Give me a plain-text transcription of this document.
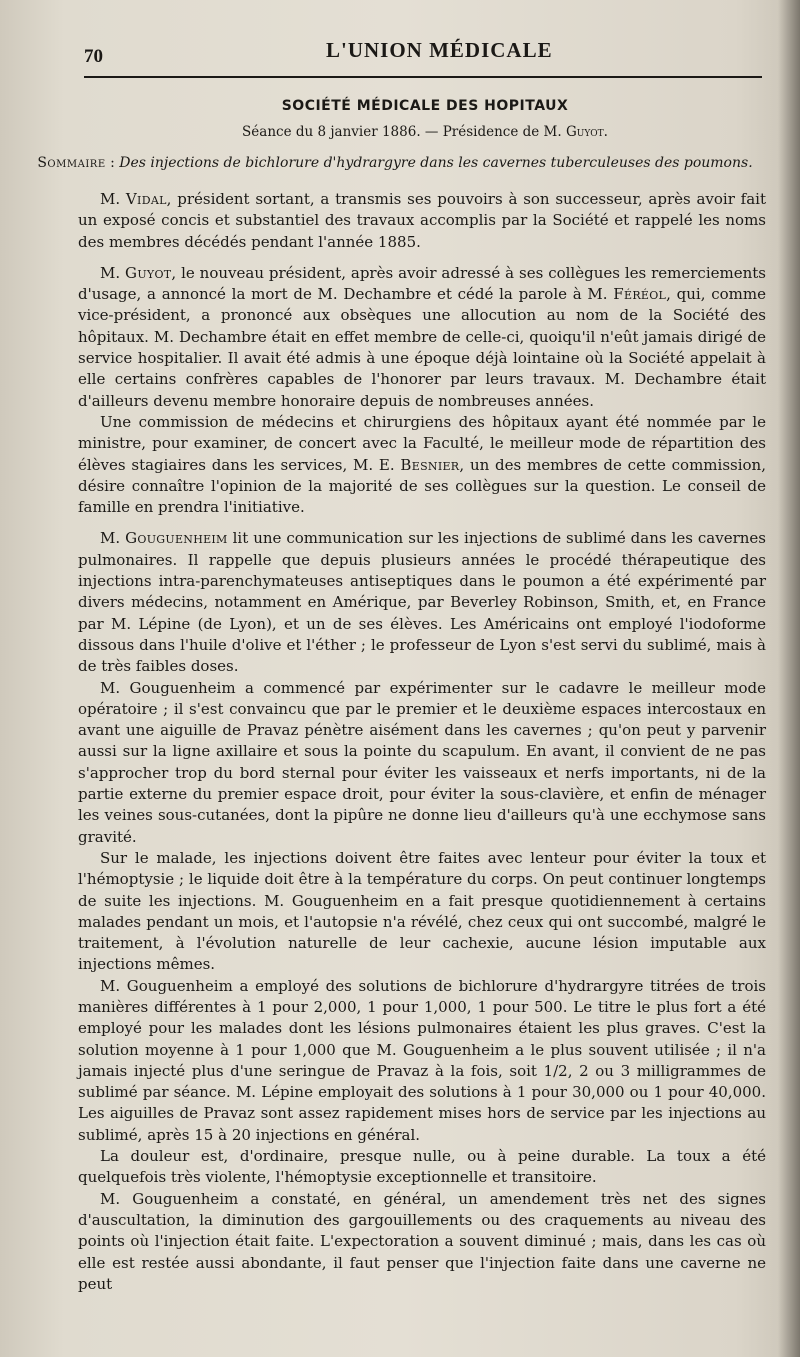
70	L'UNION MÉDICALE
SOCIÉTÉ MÉDICALE DES HOPITAUX
Séance du 8 janvier 1886. — Présidence de M. Guyot.
Sommaire : Des injections de bichlorure d'hydrargyre dans les cavernes tuberculeuses des poumons.

M. Vidal, président sortant, a transmis ses pouvoirs à son successeur, après avoir fait un exposé concis et substantiel des travaux accomplis par la Société et rappelé les noms des membres décédés pendant l'année 1885.

M. Guyot, le nouveau président, après avoir adressé à ses collègues les remerciements d'usage, a annoncé la mort de M. Dechambre et cédé la parole à M. Féréol, qui, comme vice-président, a prononcé aux obsèques une allocution au nom de la Société des hôpitaux. M. Dechambre était en effet membre de celle-ci, quoiqu'il n'eût jamais dirigé de service hospitalier. Il avait été admis à une époque déjà lointaine où la Société appelait à elle certains confrères capables de l'honorer par leurs travaux. M. Dechambre était d'ailleurs devenu membre honoraire depuis de nombreuses années.

Une commission de médecins et chirurgiens des hôpitaux ayant été nommée par le ministre, pour examiner, de concert avec la Faculté, le meilleur mode de répartition des élèves stagiaires dans les services, M. E. Besnier, un des membres de cette commission, désire connaître l'opinion de la majorité de ses collègues sur la question. Le conseil de famille en prendra l'initiative.

M. Gouguenheim lit une communication sur les injections de sublimé dans les cavernes pulmonaires. Il rappelle que depuis plusieurs années le procédé thérapeutique des injections intra-parenchymateuses antiseptiques dans le poumon a été expérimenté par divers médecins, notamment en Amérique, par Beverley Robinson, Smith, et, en France par M. Lépine (de Lyon), et un de ses élèves. Les Américains ont employé l'iodoforme dissous dans l'huile d'olive et l'éther ; le professeur de Lyon s'est servi du sublimé, mais à de très faibles doses.

M. Gouguenheim a commencé par expérimenter sur le cadavre le meilleur mode opératoire ; il s'est convaincu que par le premier et le deuxième espaces intercostaux en avant une aiguille de Pravaz pénètre aisément dans les cavernes ; qu'on peut y parvenir aussi sur la ligne axillaire et sous la pointe du scapulum. En avant, il convient de ne pas s'approcher trop du bord sternal pour éviter les vaisseaux et nerfs importants, ni de la partie externe du premier espace droit, pour éviter la sous-clavière, et enfin de ménager les veines sous-cutanées, dont la pipûre ne donne lieu d'ailleurs qu'à une ecchymose sans gravité.

Sur le malade, les injections doivent être faites avec lenteur pour éviter la toux et l'hémoptysie ; le liquide doit être à la température du corps. On peut continuer longtemps de suite les injections. M. Gouguenheim en a fait presque quotidiennement à certains malades pendant un mois, et l'autopsie n'a révélé, chez ceux qui ont succombé, malgré le traitement, à l'évolution naturelle de leur cachexie, aucune lésion imputable aux injections mêmes.

M. Gouguenheim a employé des solutions de bichlorure d'hydrargyre titrées de trois manières différentes à 1 pour 2,000, 1 pour 1,000, 1 pour 500. Le titre le plus fort a été employé pour les malades dont les lésions pulmonaires étaient les plus graves. C'est la solution moyenne à 1 pour 1,000 que M. Gouguenheim a le plus souvent utilisée ; il n'a jamais injecté plus d'une seringue de Pravaz à la fois, soit 1/2, 2 ou 3 milligrammes de sublimé par séance. M. Lépine employait des solutions à 1 pour 30,000 ou 1 pour 40,000. Les aiguilles de Pravaz sont assez rapidement mises hors de service par les injections au sublimé, après 15 à 20 injections en général.

La douleur est, d'ordinaire, presque nulle, ou à peine durable. La toux a été quelquefois très violente, l'hémoptysie exceptionnelle et transitoire.

M. Gouguenheim a constaté, en général, un amendement très net des signes d'auscultation, la diminution des gargouillements ou des craquements au niveau des points où l'injection était faite. L'expectoration a souvent diminué ; mais, dans les cas où elle est restée aussi abondante, il faut penser que l'injection faite dans une caverne ne peut
